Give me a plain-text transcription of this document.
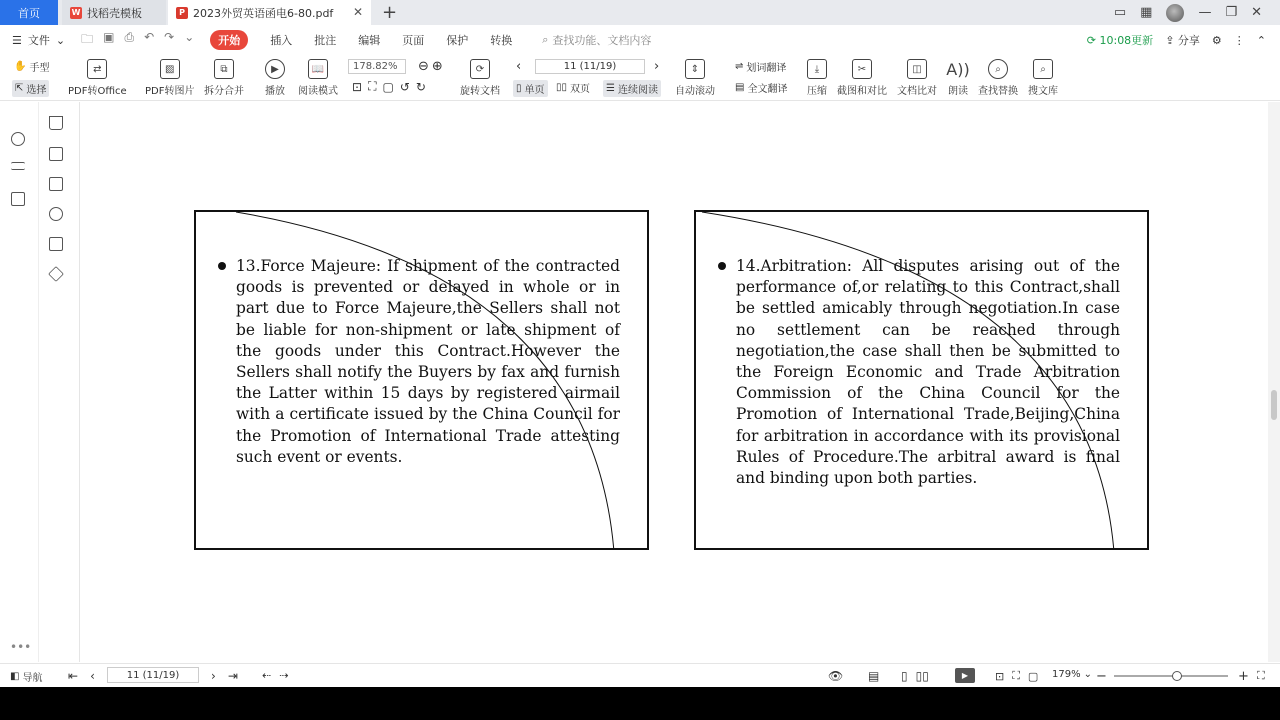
首页	W 找稻壳模板	P 2023外贸英语函电6-80.pdf ✕ +	▭ ▦	— ❐ ✕
☰ 文件 ⌄ 🗀 ▣ ⎙ ↶ ↷ ⌄	开始	插入 批注 编辑 页面 保护 转换	⌕ 查找功能、文档内容	⟳ 10:08更新 ⇪ 分享 ⚙ ⋮ ⌃
✋ 手型
⇱ 选择
⇄
PDF转Office
▨
PDF转图片
⧉
拆分合并
▶
播放
📖
阅读模式
178.82%	⊖ ⊕
⊡ ⛶ ▢ ↺ ↻
⟳
旋转文档
‹	11 (11/19)	›
▯ 单页 ▯▯ 双页 ☰ 连续阅读
⇕
自动滚动
⇌ 划词翻译
▤ 全文翻译
⤓
压缩
✂
截图和对比
◫
文档比对
A))
朗读
⌕
查找替换
⌕
搜文库
•••
13.Force Majeure: If shipment of the contracted goods is prevented or delayed in whole or in part due to Force Majeure,the Sellers shall not be liable for non-shipment or late shipment of the goods under this Contract.However the Sellers shall notify the Buyers by fax and furnish the Latter within 15 days by registered airmail with a certificate issued by the China Council for the Promotion of International Trade attesting such event or events.
14.Arbitration: All disputes arising out of the performance of,or relating to this Contract,shall be settled amicably through negotiation.In case no settlement can be reached through negotiation,the case shall then be submitted to the Foreign Economic and Trade Arbitration Commission of the China Council for the Promotion of International Trade,Beijing,China for arbitration in accordance with its provisional Rules of Procedure.The arbitral award is final and binding upon both parties.
◧ 导航 ⇤ ‹	11 (11/19)	› ⇥ ⇠ ⇢	👁 ▤ ▯ ▯▯	▶	⊡ ⛶ ▢ 179% ⌄ −	+ ⛶
